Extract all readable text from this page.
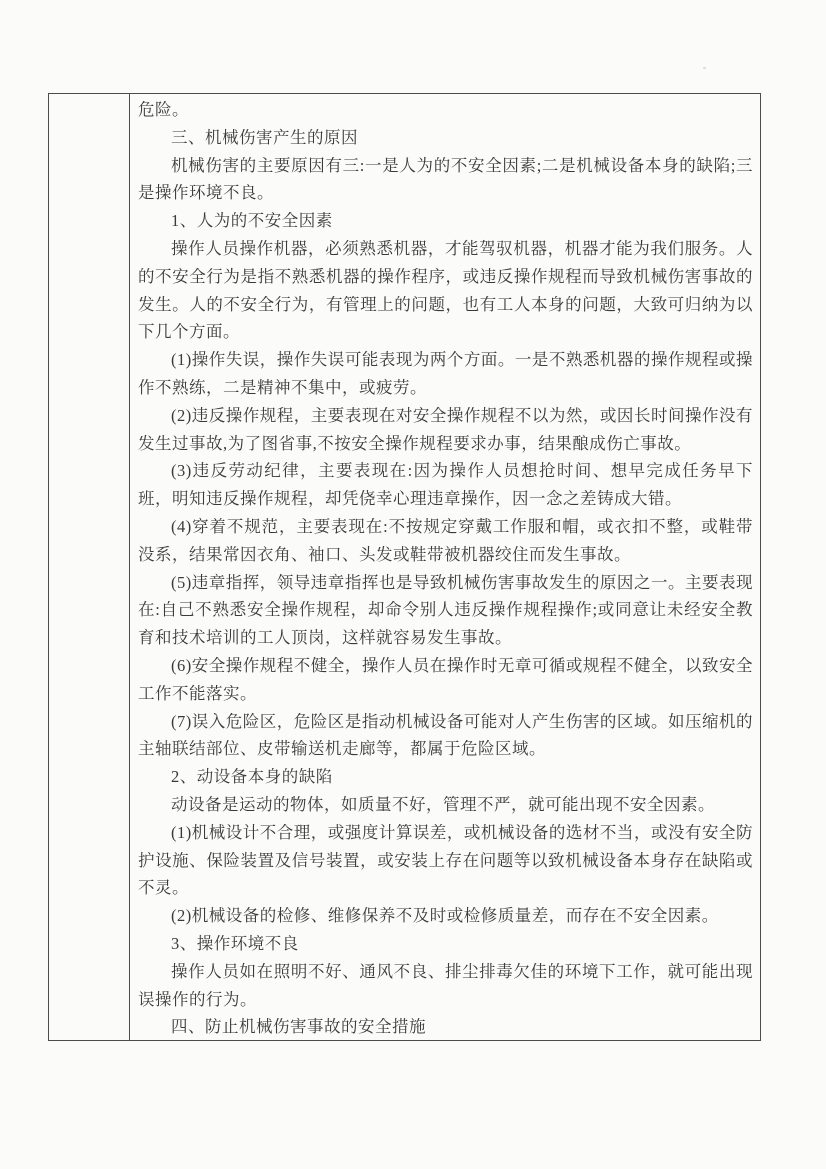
危险。
三、机械伤害产生的原因
机械伤害的主要原因有三:一是人为的不安全因素;二是机械设备本身的缺陷;三
是操作环境不良。
1、人为的不安全因素
操作人员操作机器，必须熟悉机器，才能驾驭机器，机器才能为我们服务。人
的不安全行为是指不熟悉机器的操作程序，或违反操作规程而导致机械伤害事故的
发生。人的不安全行为，有管理上的问题，也有工人本身的问题，大致可归纳为以
下几个方面。
(1)操作失误，操作失误可能表现为两个方面。一是不熟悉机器的操作规程或操
作不熟练，二是精神不集中，或疲劳。
(2)违反操作规程，主要表现在对安全操作规程不以为然，或因长时间操作没有
发生过事故,为了图省事,不按安全操作规程要求办事，结果酿成伤亡事故。
(3)违反劳动纪律，主要表现在:因为操作人员想抢时间、想早完成任务早下
班，明知违反操作规程，却凭侥幸心理违章操作，因一念之差铸成大错。
(4)穿着不规范，主要表现在:不按规定穿戴工作服和帽，或衣扣不整，或鞋带
没系，结果常因衣角、袖口、头发或鞋带被机器绞住而发生事故。
(5)违章指挥，领导违章指挥也是导致机械伤害事故发生的原因之一。主要表现
在:自己不熟悉安全操作规程，却命令别人违反操作规程操作;或同意让未经安全教
育和技术培训的工人顶岗，这样就容易发生事故。
(6)安全操作规程不健全，操作人员在操作时无章可循或规程不健全，以致安全
工作不能落实。
(7)误入危险区，危险区是指动机械设备可能对人产生伤害的区域。如压缩机的
主轴联结部位、皮带输送机走廊等，都属于危险区域。
2、动设备本身的缺陷
动设备是运动的物体，如质量不好，管理不严，就可能出现不安全因素。
(1)机械设计不合理，或强度计算误差，或机械设备的选材不当，或没有安全防
护设施、保险装置及信号装置，或安装上存在问题等以致机械设备本身存在缺陷或
不灵。
(2)机械设备的检修、维修保养不及时或检修质量差，而存在不安全因素。
3、操作环境不良
操作人员如在照明不好、通风不良、排尘排毒欠佳的环境下工作，就可能出现
误操作的行为。
四、防止机械伤害事故的安全措施
